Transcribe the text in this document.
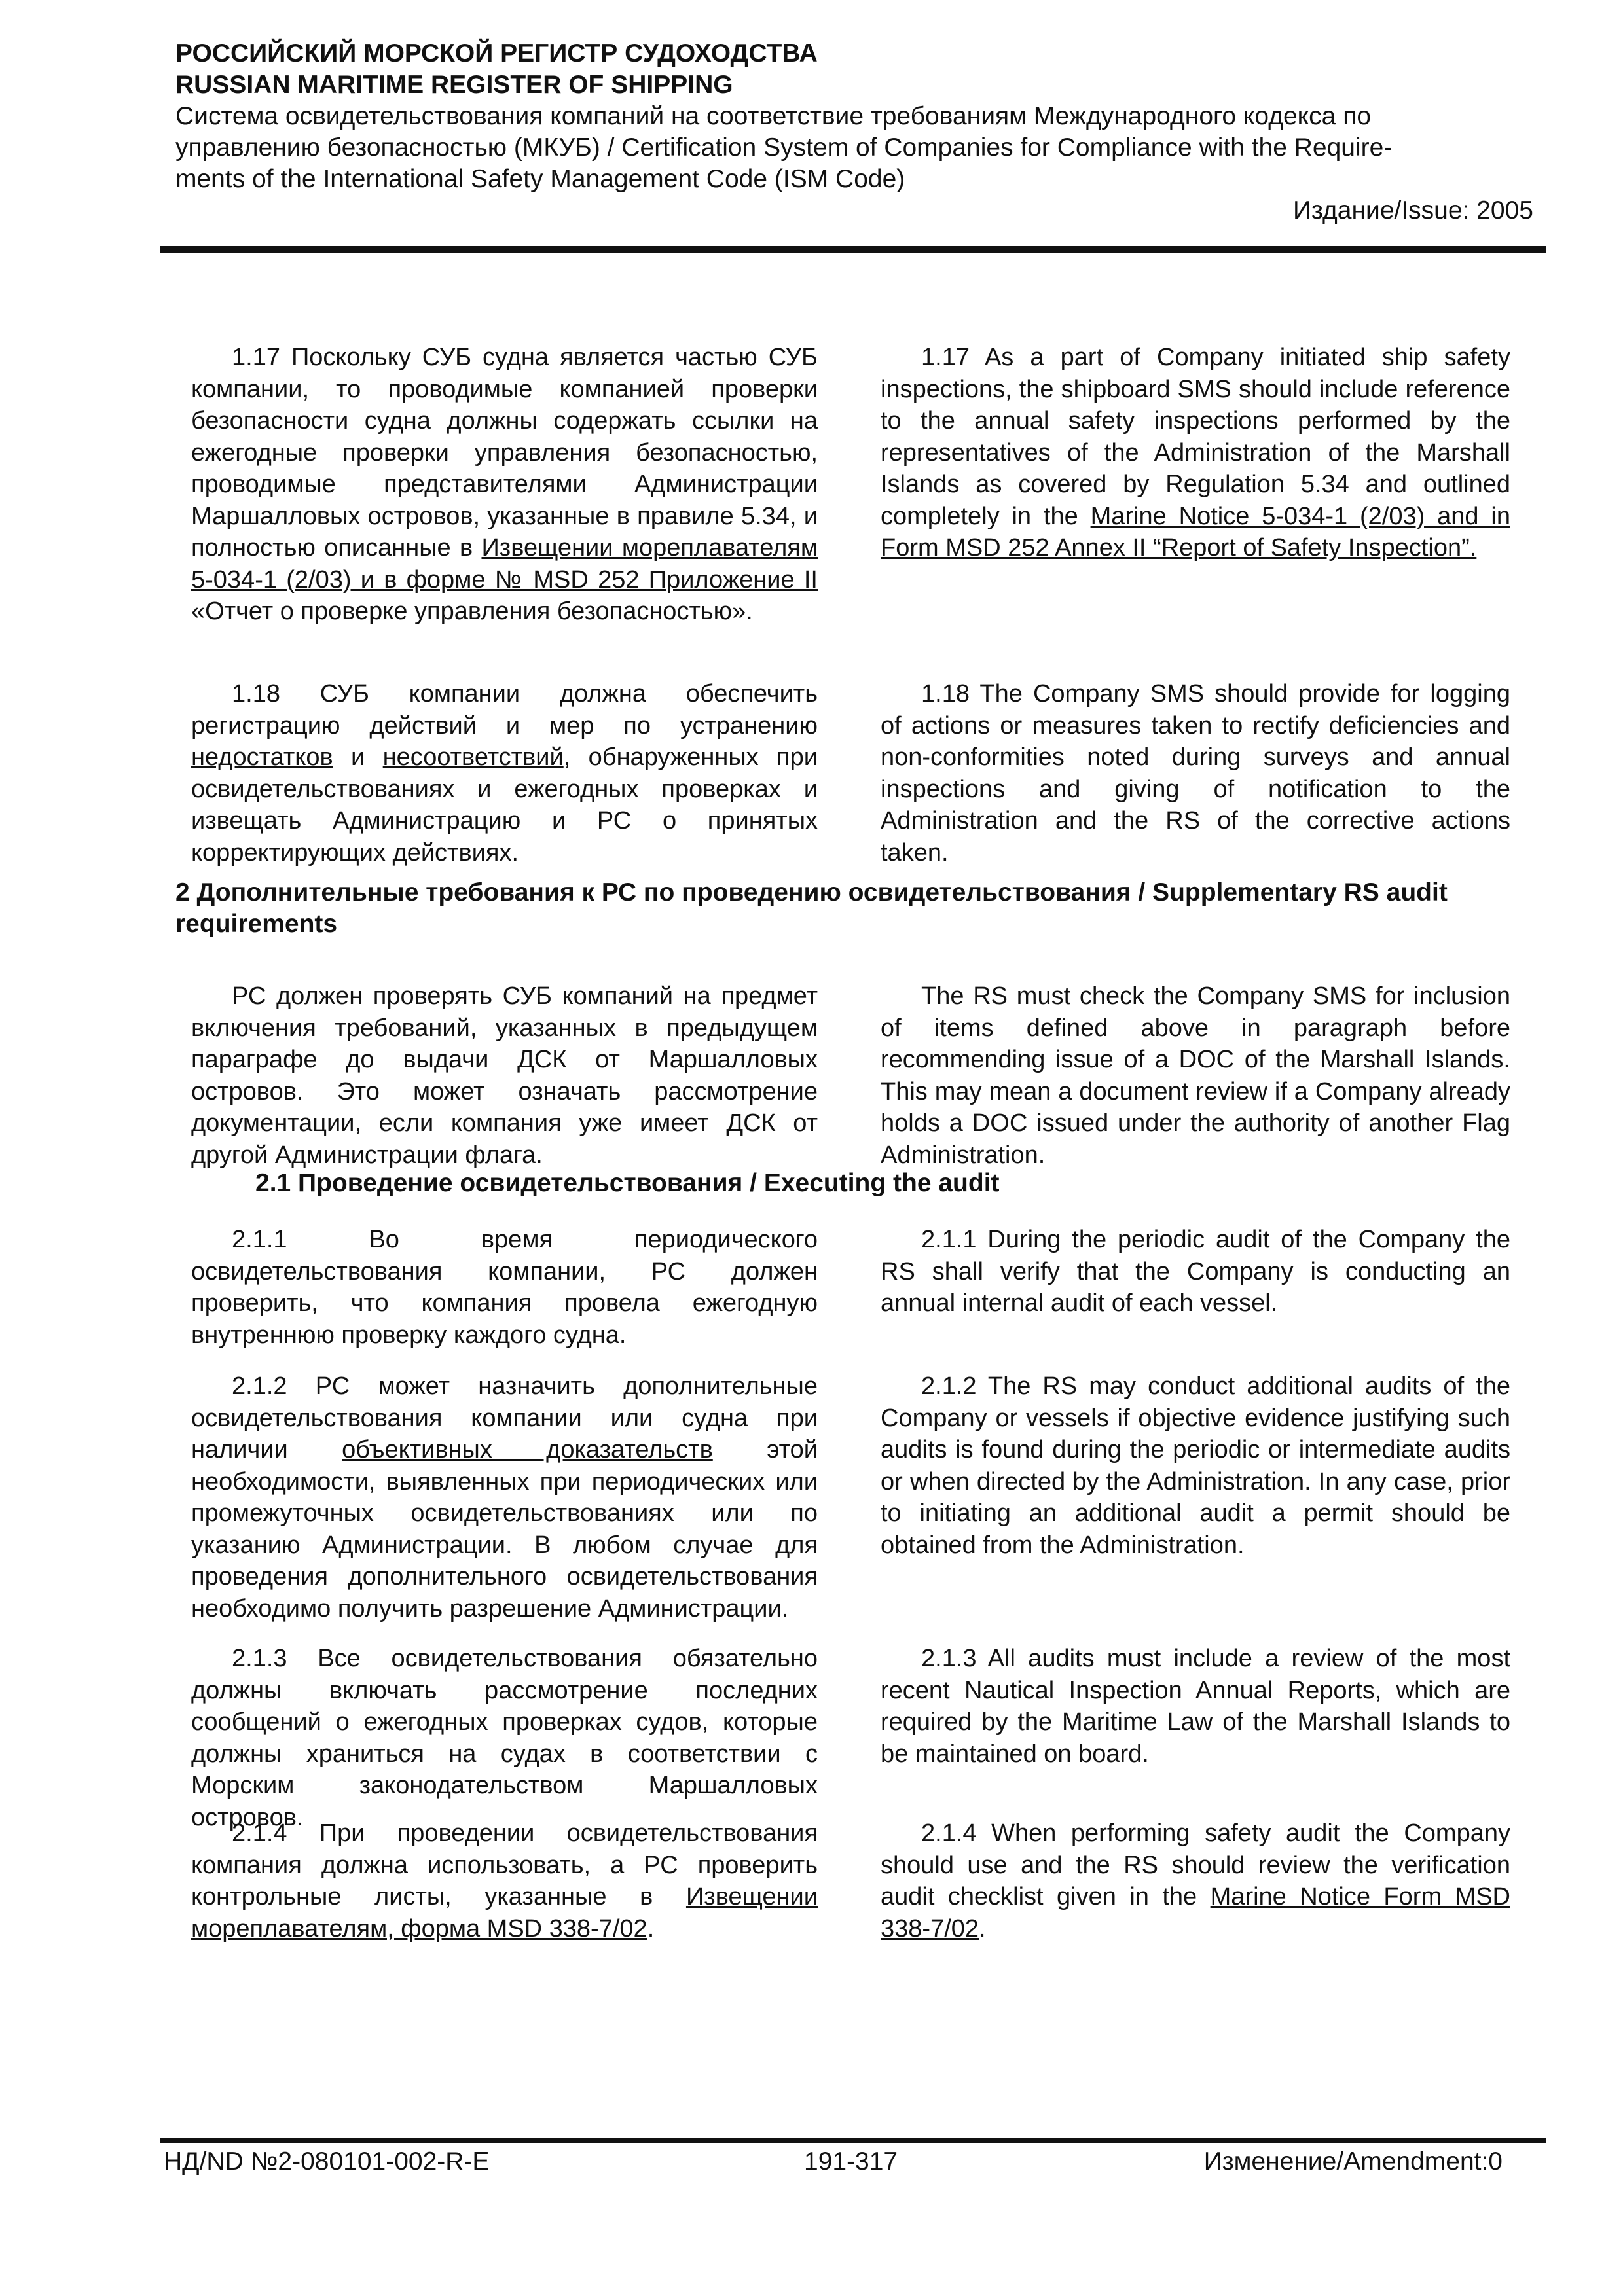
РОССИЙСКИЙ МОРСКОЙ РЕГИСТР СУДОХОДСТВА

RUSSIAN MARITIME REGISTER OF SHIPPING

Система освидетельствования компаний на соответствие требованиям Международного кодекса по

управлению безопасностью (МКУБ) / Certification System of Companies for Compliance with the Require-

ments of the International Safety Management Code (ISM Code)

Издание/Issue: 2005

1.17 Поскольку СУБ судна является частью СУБ компании, то проводимые компанией проверки безопасности судна должны содержать ссылки на ежегодные проверки управления безопасностью, проводимые представителями Администрации Маршалловых островов, указанные в правиле 5.34, и полностью описанные в Извещении мореплавателям 5-034-1 (2/03) и в форме № MSD 252 Приложение II «Отчет о проверке управления безопасностью».

1.17 As a part of Company initiated ship safety inspections, the shipboard SMS should include reference to the annual safety inspections performed by the representatives of the Administration of the Marshall Islands as covered by Regulation 5.34 and outlined completely in the Marine Notice 5-034-1 (2/03) and in Form MSD 252 Annex II “Report of Safety Inspection”.

1.18 СУБ компании должна обеспечить регистрацию действий и мер по устранению недостатков и несоответствий, обнаруженных при освидетельствованиях и ежегодных проверках и извещать Администрацию и РС о принятых корректирующих действиях.

1.18 The Company SMS should provide for logging of actions or measures taken to rectify deficiencies and non-conformities noted during surveys and annual inspections and giving of notification to the Administration and the RS of the corrective actions taken.

2 Дополнительные требования к РС по проведению освидетельствования / Supplementary RS audit requirements

РС должен проверять СУБ компаний на предмет включения требований, указанных в предыдущем параграфе до выдачи ДСК от Маршалловых островов. Это может означать рассмотрение документации, если компания уже имеет ДСК от другой Администрации флага.

The RS must check the Company SMS for inclusion of items defined above in paragraph before recommending issue of a DOC of the Marshall Islands. This may mean a document review if a Company already holds a DOC issued under the authority of another Flag Administration.

2.1 Проведение освидетельствования / Executing the audit

2.1.1 Во время периодического освидетельствования компании, РС должен проверить, что компания провела ежегодную внутреннюю проверку каждого судна.

2.1.1 During the periodic audit of the Company the RS shall verify that the Company is conducting an annual internal audit of each vessel.

2.1.2 РС может назначить дополнительные освидетельствования компании или судна при наличии объективных доказательств этой необходимости, выявленных при периодических или промежуточных освидетельствованиях или по указанию Администрации. В любом случае для проведения дополнительного освидетельствования необходимо получить разрешение Администрации.

2.1.2 The RS may conduct additional audits of the Company or vessels if objective evidence justifying such audits is found during the periodic or intermediate audits or when directed by the Administration. In any case, prior to initiating an additional audit a permit should be obtained from the Administration.

2.1.3 Все освидетельствования обязательно должны включать рассмотрение последних сообщений о ежегодных проверках судов, которые должны храниться на судах в соответствии с Морским законодательством Маршалловых островов.

2.1.3 All audits must include a review of the most recent Nautical Inspection Annual Reports, which are required by the Maritime Law of the Marshall Islands to be maintained on board.

2.1.4 При проведении освидетельствования компания должна использовать, а РС проверить контрольные листы, указанные в Извещении мореплавателям, форма MSD 338-7/02.

2.1.4 When performing safety audit the Company should use and the RS should review the verification audit checklist given in the Marine Notice Form MSD 338-7/02.

НД/ND №2-080101-002-R-E	191-317	Изменение/Amendment:0
